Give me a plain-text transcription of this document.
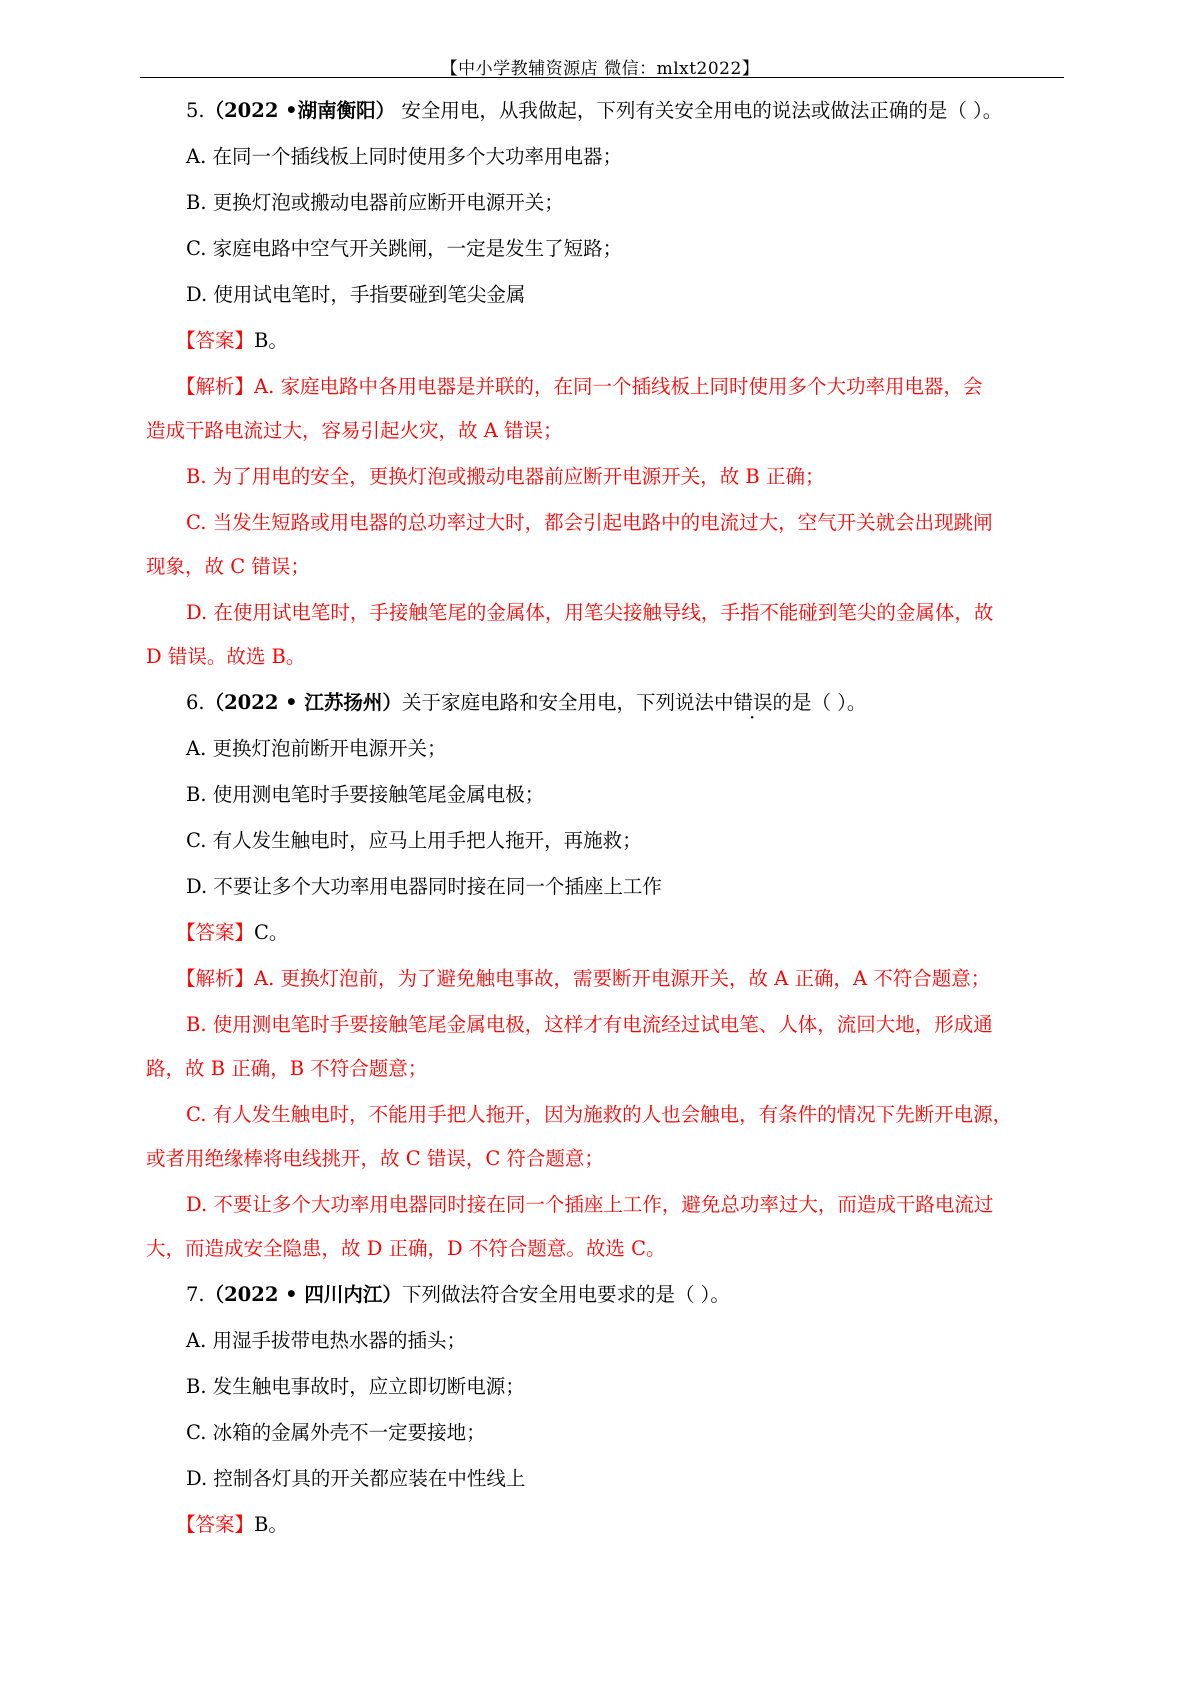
【中小学教辅资源店 微信：mlxt2022】

5.（2022 •湖南衡阳） 安全用电，从我做起，下列有关安全用电的说法或做法正确的是（ ）。

A. 在同一个插线板上同时使用多个大功率用电器；

B. 更换灯泡或搬动电器前应断开电源开关；

C. 家庭电路中空气开关跳闸，一定是发生了短路；

D. 使用试电笔时，手指要碰到笔尖金属

【答案】B。

【解析】A. 家庭电路中各用电器是并联的，在同一个插线板上同时使用多个大功率用电器，会

造成干路电流过大，容易引起火灾，故 A 错误；

B. 为了用电的安全，更换灯泡或搬动电器前应断开电源开关，故 B 正确；

C. 当发生短路或用电器的总功率过大时，都会引起电路中的电流过大，空气开关就会出现跳闸

现象，故 C 错误；

D. 在使用试电笔时，手接触笔尾的金属体，用笔尖接触导线，手指不能碰到笔尖的金属体，故

D 错误。故选 B。

6.（2022 • 江苏扬州）关于家庭电路和安全用电，下列说法中错误的是（ ）。

A. 更换灯泡前断开电源开关；

B. 使用测电笔时手要接触笔尾金属电极；

C. 有人发生触电时，应马上用手把人拖开，再施救；

D. 不要让多个大功率用电器同时接在同一个插座上工作

【答案】C。

【解析】A. 更换灯泡前，为了避免触电事故，需要断开电源开关，故 A 正确，A 不符合题意；

B. 使用测电笔时手要接触笔尾金属电极，这样才有电流经过试电笔、人体，流回大地，形成通

路，故 B 正确，B 不符合题意；

C. 有人发生触电时，不能用手把人拖开，因为施救的人也会触电，有条件的情况下先断开电源，

或者用绝缘棒将电线挑开，故 C 错误，C 符合题意；

D. 不要让多个大功率用电器同时接在同一个插座上工作，避免总功率过大，而造成干路电流过

大，而造成安全隐患，故 D 正确，D 不符合题意。故选 C。

7.（2022 • 四川内江）下列做法符合安全用电要求的是（ ）。

A. 用湿手拔带电热水器的插头；

B. 发生触电事故时，应立即切断电源；

C. 冰箱的金属外壳不一定要接地；

D. 控制各灯具的开关都应装在中性线上

【答案】B。
